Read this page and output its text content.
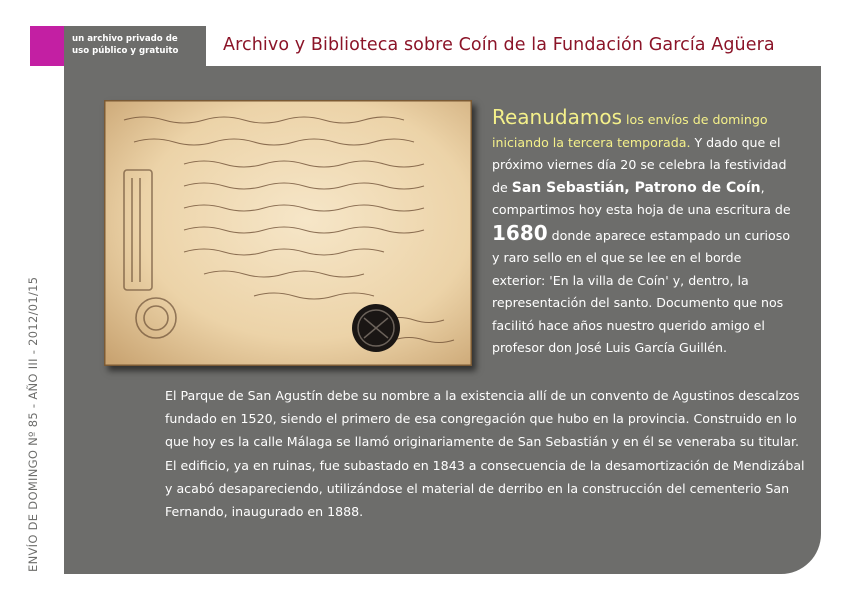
un archivo privado de
uso público y gratuito	Archivo y Biblioteca sobre Coín de la Fundación García Agüera
ENVÍO DE DOMINGO Nº 85 - AÑO III - 2012/01/15
Reanudamos los envíos de domingo iniciando la tercera temporada. Y dado que el próximo viernes día 20 se celebra la festividad de San Sebastián, Patrono de Coín, compartimos hoy esta hoja de una escritura de 1680 donde aparece estampado un curioso y raro sello en el que se lee en el borde exterior: 'En la villa de Coín' y, dentro, la representación del santo. Documento que nos facilitó hace años nuestro querido amigo el profesor don José Luis García Guillén.
El Parque de San Agustín debe su nombre a la existencia allí de un convento de Agustinos descalzos fundado en 1520, siendo el primero de esa congregación que hubo en la provincia. Construido en lo que hoy es la calle Málaga se llamó originariamente de San Sebastián y en él se veneraba su titular. El edificio, ya en ruinas, fue subastado en 1843 a consecuencia de la desamortización de Mendizábal y acabó desapareciendo, utilizándose el material de derribo en la construcción del cementerio San Fernando, inaugurado en 1888.
